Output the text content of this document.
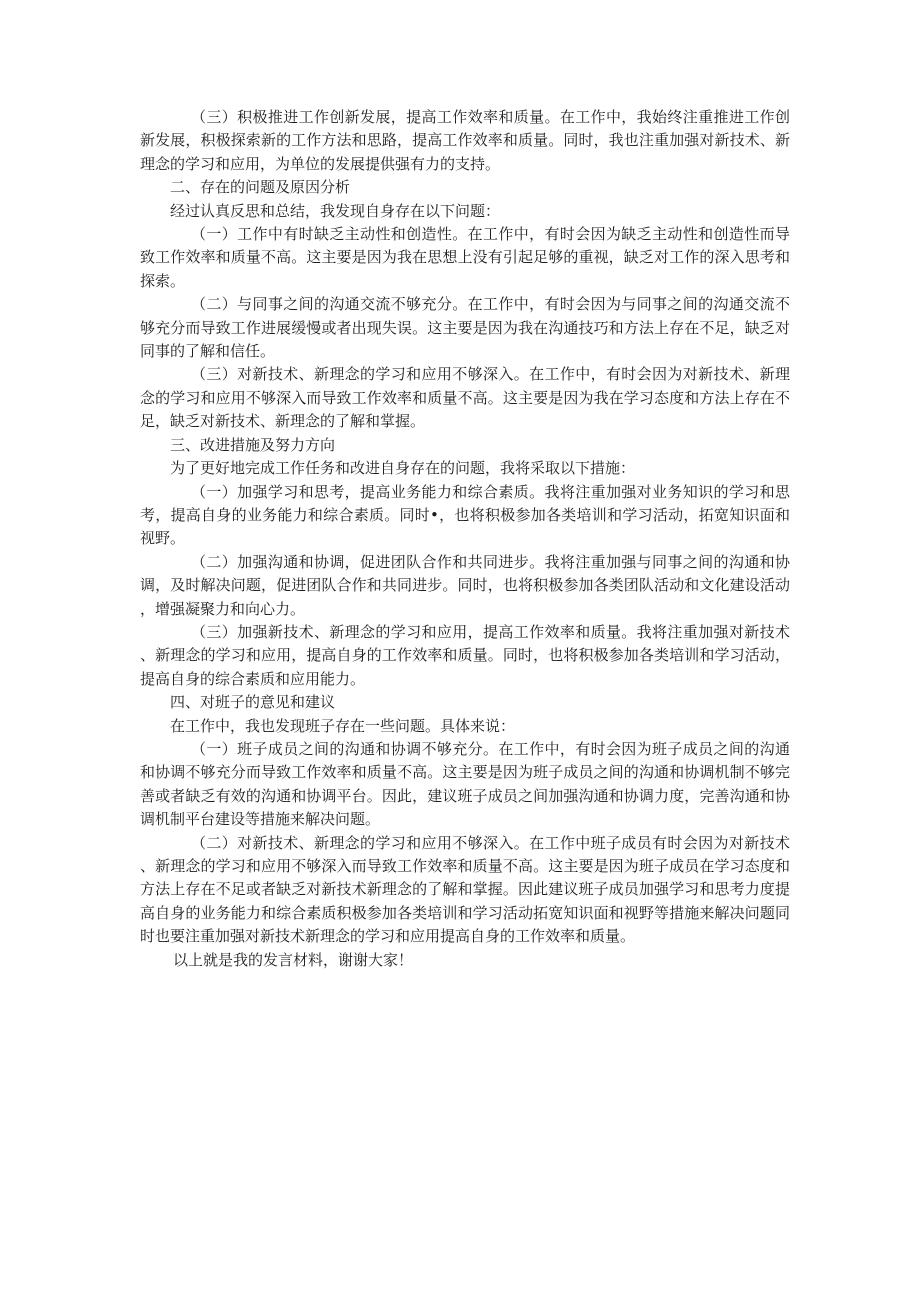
（三）积极推进工作创新发展，提高工作效率和质量。在工作中，我始终注重推进工作创新发展，积极探索新的工作方法和思路，提高工作效率和质量。同时，我也注重加强对新技术、新理念的学习和应用，为单位的发展提供强有力的支持。

二、存在的问题及原因分析

经过认真反思和总结，我发现自身存在以下问题：

（一）工作中有时缺乏主动性和创造性。在工作中，有时会因为缺乏主动性和创造性而导致工作效率和质量不高。这主要是因为我在思想上没有引起足够的重视，缺乏对工作的深入思考和探索。

（二）与同事之间的沟通交流不够充分。在工作中，有时会因为与同事之间的沟通交流不够充分而导致工作进展缓慢或者出现失误。这主要是因为我在沟通技巧和方法上存在不足，缺乏对同事的了解和信任。

（三）对新技术、新理念的学习和应用不够深入。在工作中，有时会因为对新技术、新理念的学习和应用不够深入而导致工作效率和质量不高。这主要是因为我在学习态度和方法上存在不足，缺乏对新技术、新理念的了解和掌握。

三、改进措施及努力方向

为了更好地完成工作任务和改进自身存在的问题，我将采取以下措施：

（一）加强学习和思考，提高业务能力和综合素质。我将注重加强对业务知识的学习和思考，提高自身的业务能力和综合素质。同时•，也将积极参加各类培训和学习活动，拓宽知识面和视野。

（二）加强沟通和协调，促进团队合作和共同进步。我将注重加强与同事之间的沟通和协调，及时解决问题，促进团队合作和共同进步。同时，也将积极参加各类团队活动和文化建设活动，增强凝聚力和向心力。

（三）加强新技术、新理念的学习和应用，提高工作效率和质量。我将注重加强对新技术、新理念的学习和应用，提高自身的工作效率和质量。同时，也将积极参加各类培训和学习活动，提高自身的综合素质和应用能力。

四、对班子的意见和建议

在工作中，我也发现班子存在一些问题。具体来说：

（一）班子成员之间的沟通和协调不够充分。在工作中，有时会因为班子成员之间的沟通和协调不够充分而导致工作效率和质量不高。这主要是因为班子成员之间的沟通和协调机制不够完善或者缺乏有效的沟通和协调平台。因此，建议班子成员之间加强沟通和协调力度，完善沟通和协调机制平台建设等措施来解决问题。

（二）对新技术、新理念的学习和应用不够深入。在工作中班子成员有时会因为对新技术、新理念的学习和应用不够深入而导致工作效率和质量不高。这主要是因为班子成员在学习态度和方法上存在不足或者缺乏对新技术新理念的了解和掌握。因此建议班子成员加强学习和思考力度提高自身的业务能力和综合素质积极参加各类培训和学习活动拓宽知识面和视野等措施来解决问题同时也要注重加强对新技术新理念的学习和应用提高自身的工作效率和质量。

以上就是我的发言材料，谢谢大家！
